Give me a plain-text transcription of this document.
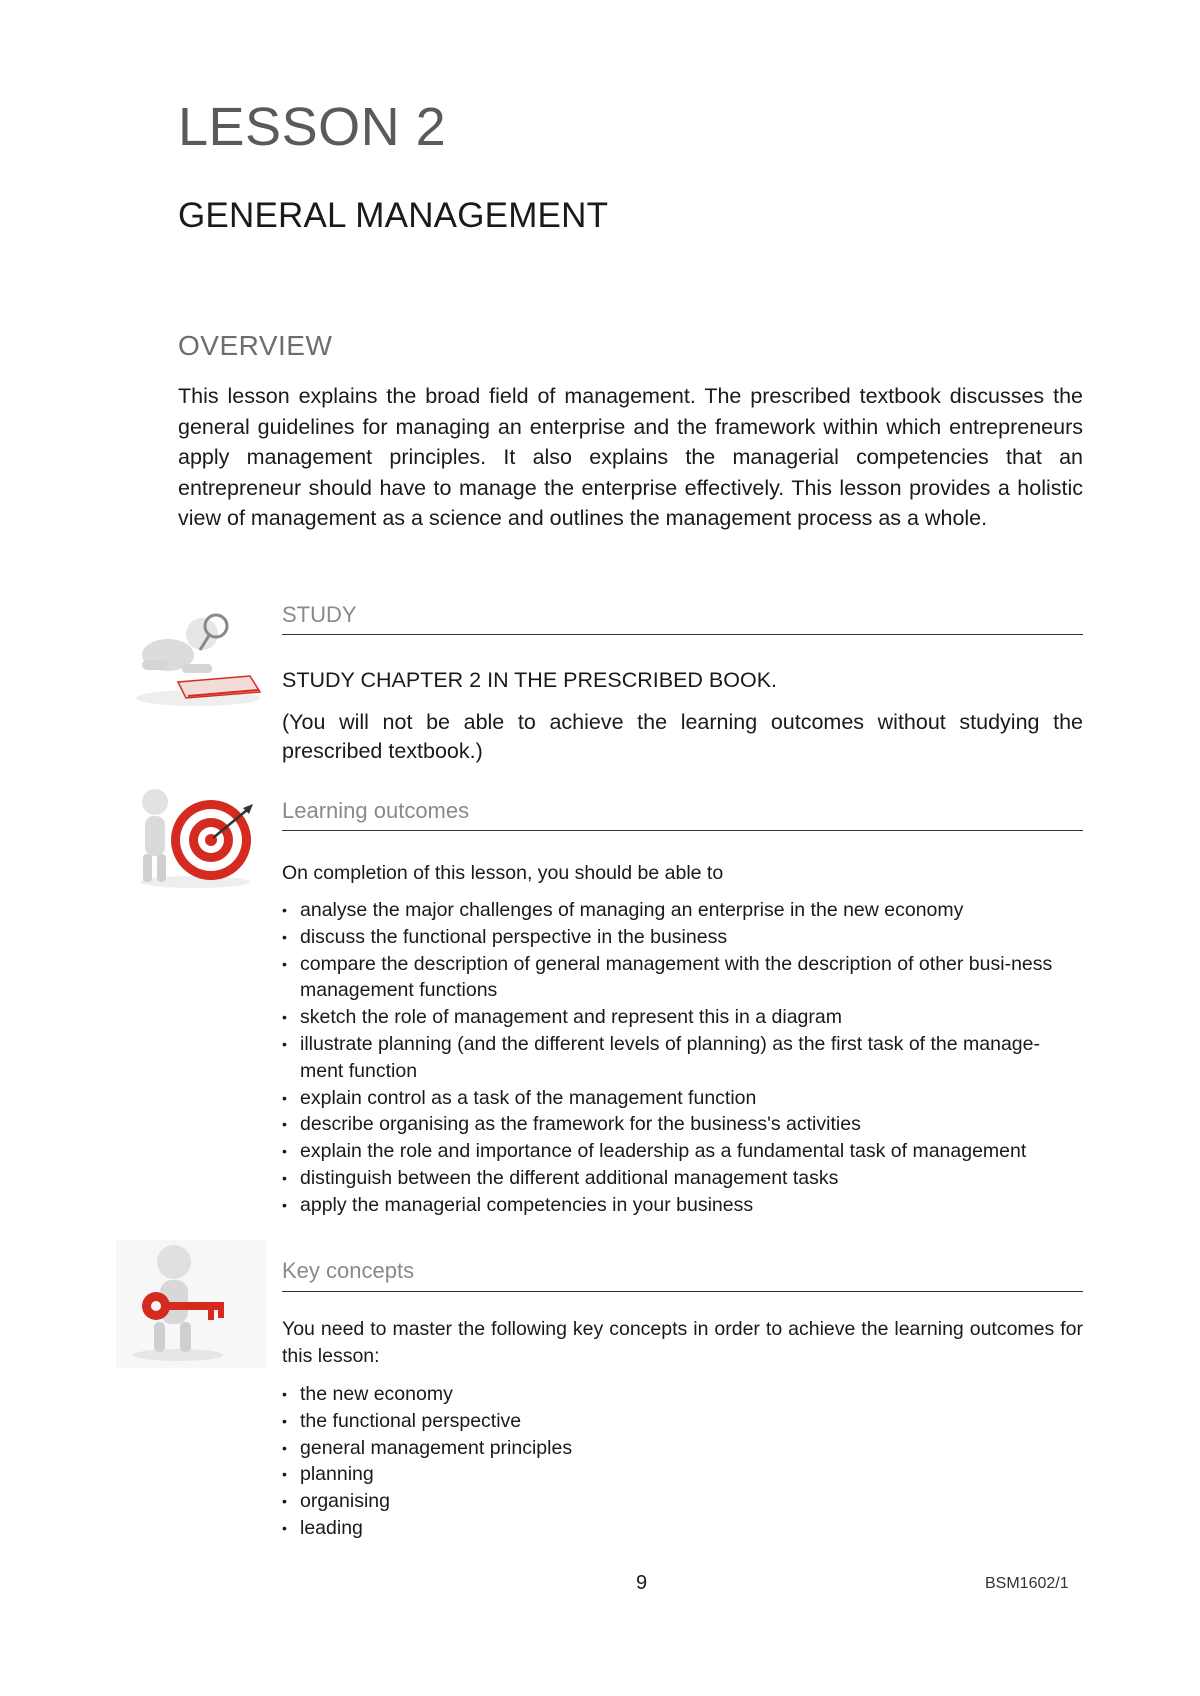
LESSON 2
GENERAL MANAGEMENT
OVERVIEW
This lesson explains the broad field of management. The prescribed textbook discusses the general guidelines for managing an enterprise and the framework within which entrepreneurs apply management principles. It also explains the managerial competencies that an entrepreneur should have to manage the enterprise effectively. This lesson provides a holistic view of management as a science and outlines the management process as a whole.
STUDY
STUDY CHAPTER 2 IN THE PRESCRIBED BOOK.
(You will not be able to achieve the learning outcomes without studying the prescribed textbook.)
Learning outcomes
On completion of this lesson, you should be able to
• analyse the major challenges of managing an enterprise in the new economy
• discuss the functional perspective in the business
• compare the description of general management with the description of other busi-ness management functions
• sketch the role of management and represent this in a diagram
• illustrate planning (and the different levels of planning) as the first task of the manage-ment function
• explain control as a task of the management function
• describe organising as the framework for the business's activities
• explain the role and importance of leadership as a fundamental task of management
• distinguish between the different additional management tasks
• apply the managerial competencies in your business
Key concepts
You need to master the following key concepts in order to achieve the learning outcomes for this lesson:
• the new economy
• the functional perspective
• general management principles
• planning
• organising
• leading
9	BSM1602/1
